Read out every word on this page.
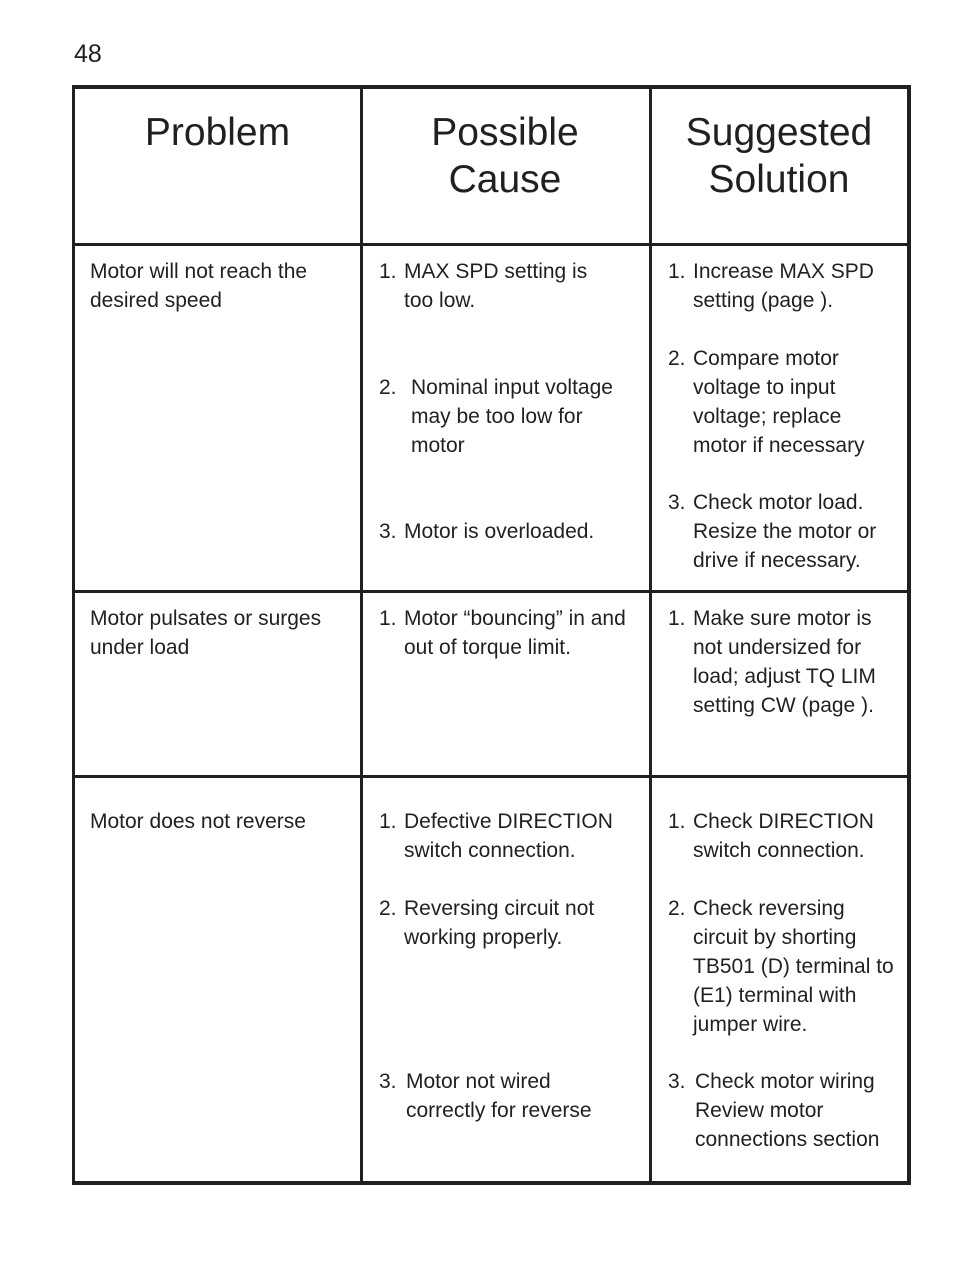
48
Problem	Possible Cause
Suggested Solution
Motor will not reach the desired speed
1. MAX SPD setting is too low.
2. Nominal input voltage may be too low for motor
3. Motor is overloaded.
1. Increase MAX SPD setting (page ).
2. Compare motor voltage to input voltage; replace motor if necessary
3. Check motor load. Resize the motor or drive if necessary.
Motor pulsates or surges under load
1. Motor “bouncing” in and out of torque limit.
1. Make sure motor is not undersized for load; adjust TQ LIM setting CW (page ).
Motor does not reverse	1. Defective DIRECTION switch connection.
2. Reversing circuit not working properly.
3. Motor not wired correctly for reverse
1. Check DIRECTION switch connection.
2. Check reversing circuit by shorting TB501 (D) terminal to (E1) terminal with jumper wire.
3. Check motor wiring Review motor connections section
